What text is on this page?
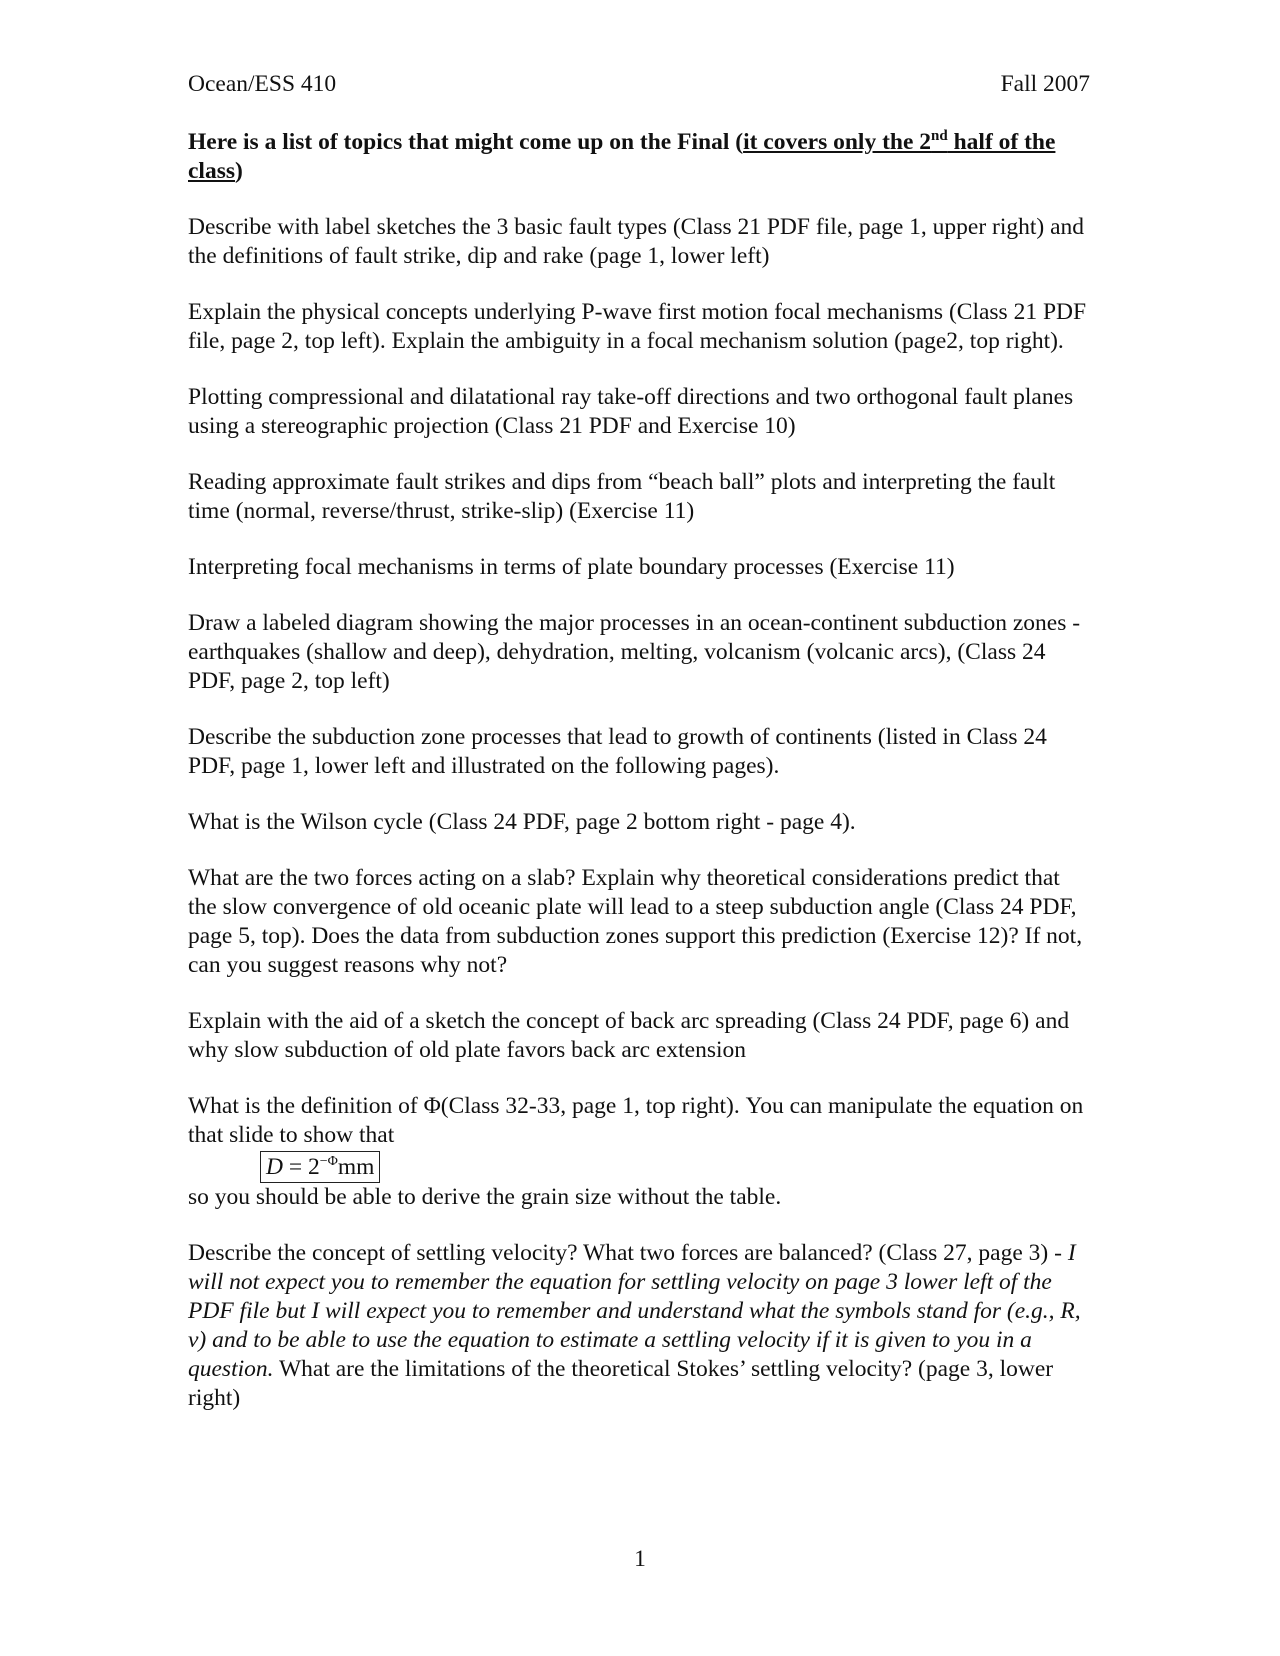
Ocean/ESS 410	Fall 2007

Here is a list of topics that might come up on the Final (it covers only the 2nd half of the class)

Describe with label sketches the 3 basic fault types (Class 21 PDF file, page 1, upper right) and the definitions of fault strike, dip and rake (page 1, lower left)

Explain the physical concepts underlying P-wave first motion focal mechanisms (Class 21 PDF file, page 2, top left). Explain the ambiguity in a focal mechanism solution (page2, top right).

Plotting compressional and dilatational ray take-off directions and two orthogonal fault planes using a stereographic projection (Class 21 PDF and Exercise 10)

Reading approximate fault strikes and dips from “beach ball” plots and interpreting the fault time (normal, reverse/thrust, strike-slip) (Exercise 11)

Interpreting focal mechanisms in terms of plate boundary processes (Exercise 11)

Draw a labeled diagram showing the major processes in an ocean-continent subduction zones - earthquakes (shallow and deep), dehydration, melting, volcanism (volcanic arcs), (Class 24 PDF, page 2, top left)

Describe the subduction zone processes that lead to growth of continents (listed in Class 24 PDF, page 1, lower left and illustrated on the following pages).

What is the Wilson cycle (Class 24 PDF, page 2 bottom right - page 4).

What are the two forces acting on a slab? Explain why theoretical considerations predict that the slow convergence of old oceanic plate will lead to a steep subduction angle (Class 24 PDF, page 5, top). Does the data from subduction zones support this prediction (Exercise 12)? If not, can you suggest reasons why not?

Explain with the aid of a sketch the concept of back arc spreading (Class 24 PDF, page 6) and why slow subduction of old plate favors back arc extension

What is the definition of Φ(Class 32-33, page 1, top right). You can manipulate the equation on that slide to show that

$D = 2^{-\Phi}mm$

so you should be able to derive the grain size without the table.

Describe the concept of settling velocity? What two forces are balanced? (Class 27, page 3) - I will not expect you to remember the equation for settling velocity on page 3 lower left of the PDF file but I will expect you to remember and understand what the symbols stand for (e.g., R, v) and to be able to use the equation to estimate a settling velocity if it is given to you in a question. What are the limitations of the theoretical Stokes’ settling velocity? (page 3, lower right)

1
